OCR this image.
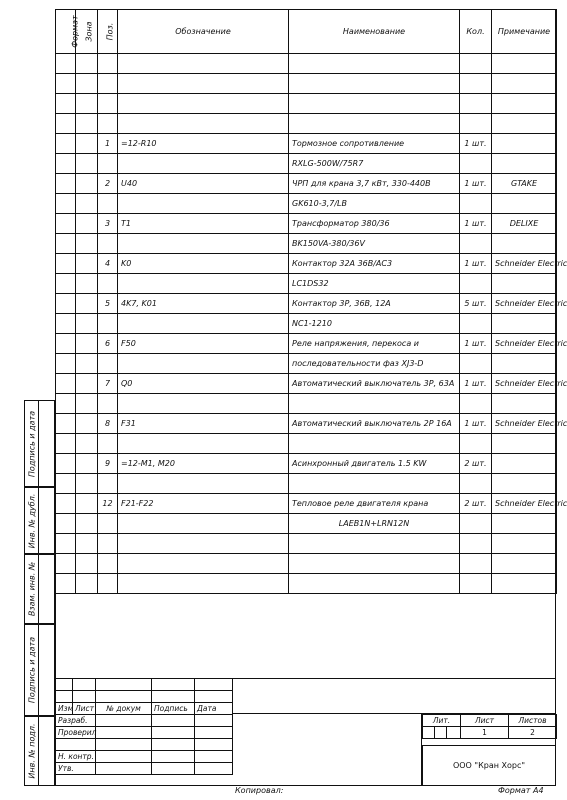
Формат	Зона	Поз.	Обозначение	Наименование	Кол.	Примечание

		1	=12-R10	Тормозное сопротивление	1 шт.	
				RXLG-500W/75R7		
		2	U40	ЧРП для крана 3,7 кВт, 330-440В	1 шт.	GTAKE
				GK610-3,7/LB		
		3	T1	Трансформатор 380/36	1 шт.	DELIXE
				BK150VA-380/36V		
		4	K0	Контактор 32А 36В/АС3	1 шт.	Schneider Electric
				LC1DS32		
		5	4K7, K01	Контактор 3Р, 36В, 12А	5 шт.	Schneider Electric
				NC1-1210		
		6	F50	Реле напряжения, перекоса и	1 шт.	Schneider Electric
				последовательности фаз XJ3-D		
		7	Q0	Автоматический выключатель 3Р, 63А	1 шт.	Schneider Electric

		8	F31	Автоматический выключатель 2Р 16А	1 шт.	Schneider Electric

		9	=12-M1, M20	Асинхронный двигатель 1.5 KW	2 шт.	

		12	F21-F22	Тепловое реле двигателя крана	2 шт.	Schneider Electric
				LAEB1N+LRN12N		

Подпись и дата
Инв. № дубл.
Взам. инв. №
Подпись и дата
Инв. № подл.

Изм	Лист	№ докум	Подпись	Дата
Разраб.				
Проверил				

Н. контр.				
Утв.				
Лит.			Лист	Листов
			1	2
ООО "Кран Хорс"
Копировал:	Формат А4
